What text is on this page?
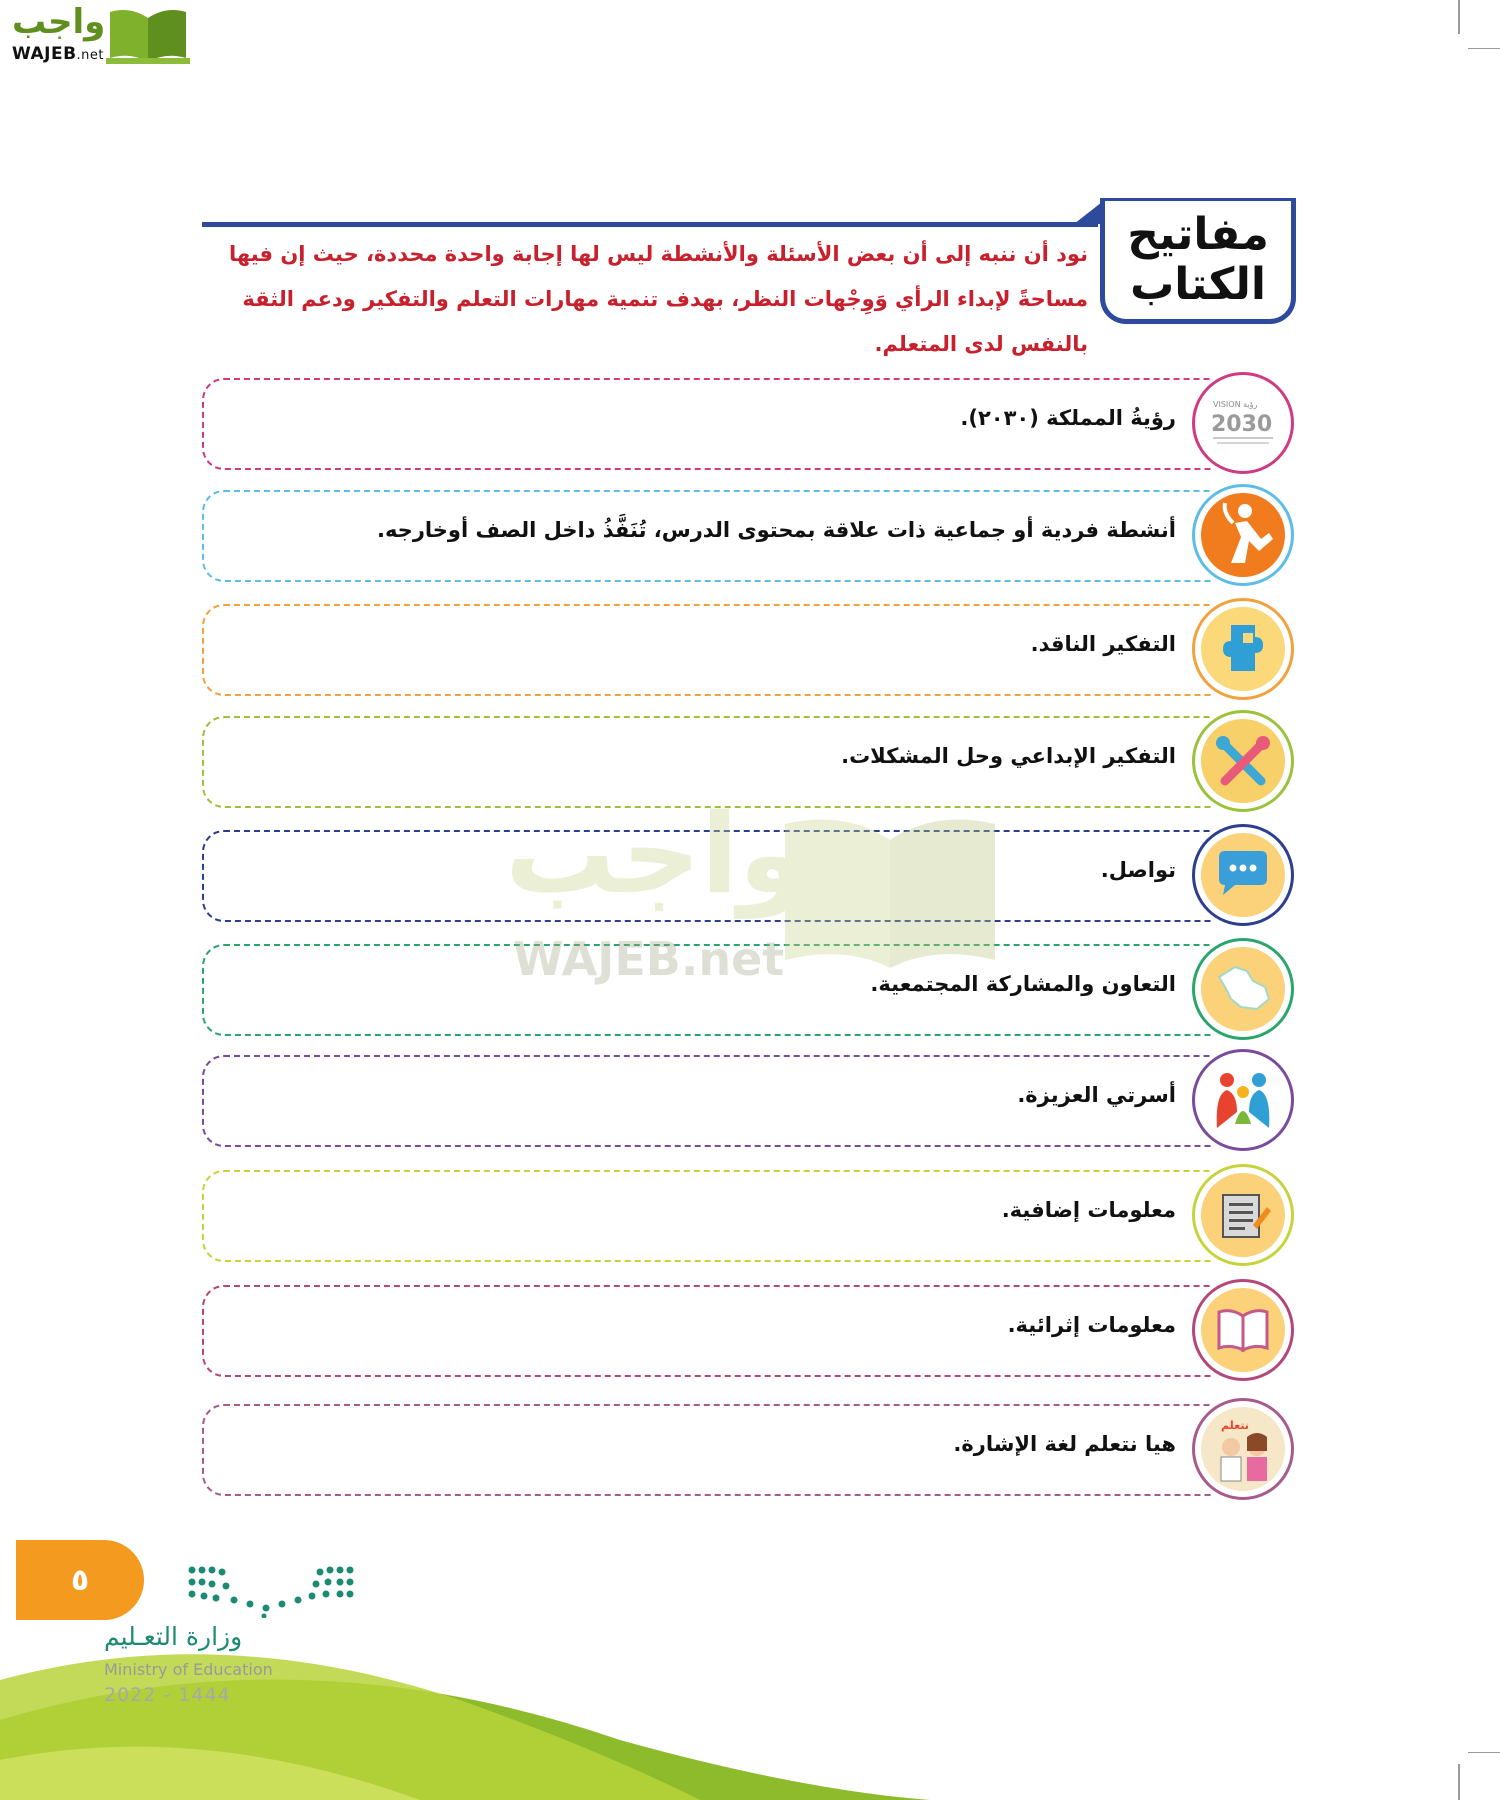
واجب
WAJEB.net
مفاتيح
الكتاب
نود أن ننبه إلى أن بعض الأسئلة والأنشطة ليس لها إجابة واحدة محددة، حيث إن فيها
مساحةً لإبداء الرأي وَوِجْهات النظر، بهدف تنمية مهارات التعلم والتفكير ودعم الثقة
بالنفس لدى المتعلم.
VISION رؤية
2030
رؤيةُ المملكة (٢٠٣٠).
أنشطة فردية أو جماعية ذات علاقة بمحتوى الدرس، تُنَفَّذُ داخل الصف أوخارجه.
التفكير الناقد.
التفكير الإبداعي وحل المشكلات.
تواصل.
التعاون والمشاركة المجتمعية.
أسرتي العزيزة.
معلومات إضافية.
معلومات إثرائية.
نتعلم
هيا نتعلم لغة الإشارة.
واجب
WAJEB.net
٥
وزارة التعـليم
Ministry of Education
2022 - 1444
